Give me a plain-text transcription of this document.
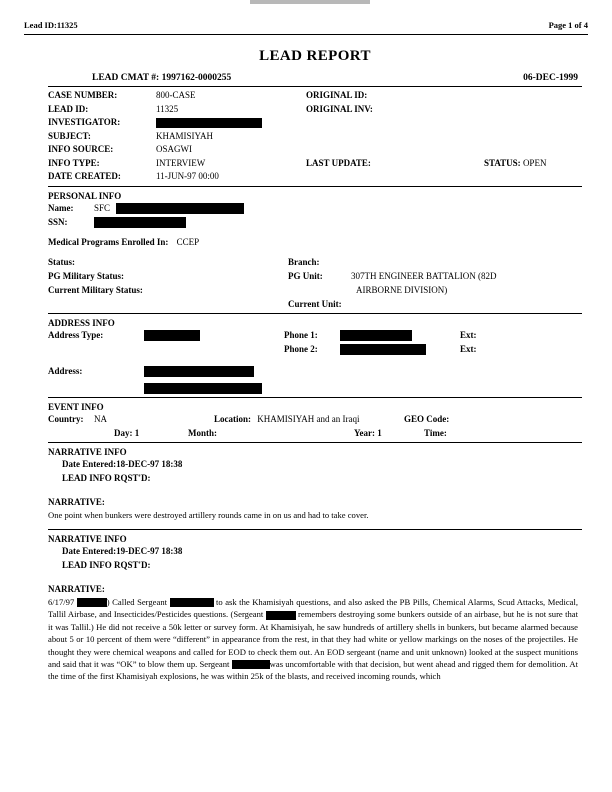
Lead ID:11325	Page 1 of 4
LEAD REPORT
LEAD CMAT #: 1997162-0000255	06-DEC-1999
CASE NUMBER:	800-CASE	ORIGINAL ID:
LEAD ID:	11325	ORIGINAL INV:
INVESTIGATOR:
SUBJECT:	KHAMISIYAH
INFO SOURCE:	OSAGWI
INFO TYPE:	INTERVIEW	LAST UPDATE:	STATUS: OPEN
DATE CREATED:	11-JUN-97 00:00
PERSONAL INFO
Name:	SFC
SSN:
Medical Programs Enrolled In: CCEP
Status:	Branch:
PG Military Status:	PG Unit:	307TH ENGINEER BATTALION (82D
Current Military Status:	AIRBORNE DIVISION)
Current Unit:
ADDRESS INFO
Address Type:	Phone 1:	Ext:
Phone 2:	Ext:
Address:
EVENT INFO
Country:	NA	Location: KHAMISIYAH and an Iraqi	GEO Code:
Day: 1	Month:	Year: 1	Time:
NARRATIVE INFO
Date Entered:18-DEC-97 18:38
LEAD INFO RQST'D:
NARRATIVE:
One point when bunkers were destroyed artillery rounds came in on us and had to take cover.
NARRATIVE INFO
Date Entered:19-DEC-97 18:38
LEAD INFO RQST'D:
NARRATIVE:
6/17/97	) Called Sergeant	to ask the Khamisiyah questions, and also asked the PB Pills, Chemical Alarms, Scud Attacks, Medical, Tallil Airbase, and Insecticides/Pesticides questions. (Sergeant	remembers destroying some bunkers outside of an airbase, but he is not sure that it was Tallil.) He did not receive a 50k letter or survey form. At Khamisiyah, he saw hundreds of artillery shells in bunkers, but became alarmed because about 5 or 10 percent of them were “different” in appearance from the rest, in that they had white or yellow markings on the noses of the projectiles. He thought they were chemical weapons and called for EOD to check them out. An EOD sergeant (name and unit unknown) looked at the suspect munitions and said that it was “OK” to blow them up. Sergeant	was uncomfortable with that decision, but went ahead and rigged them for demolition. At the time of the first Khamisiyah explosions, he was within 25k of the blasts, and received incoming rounds, which
